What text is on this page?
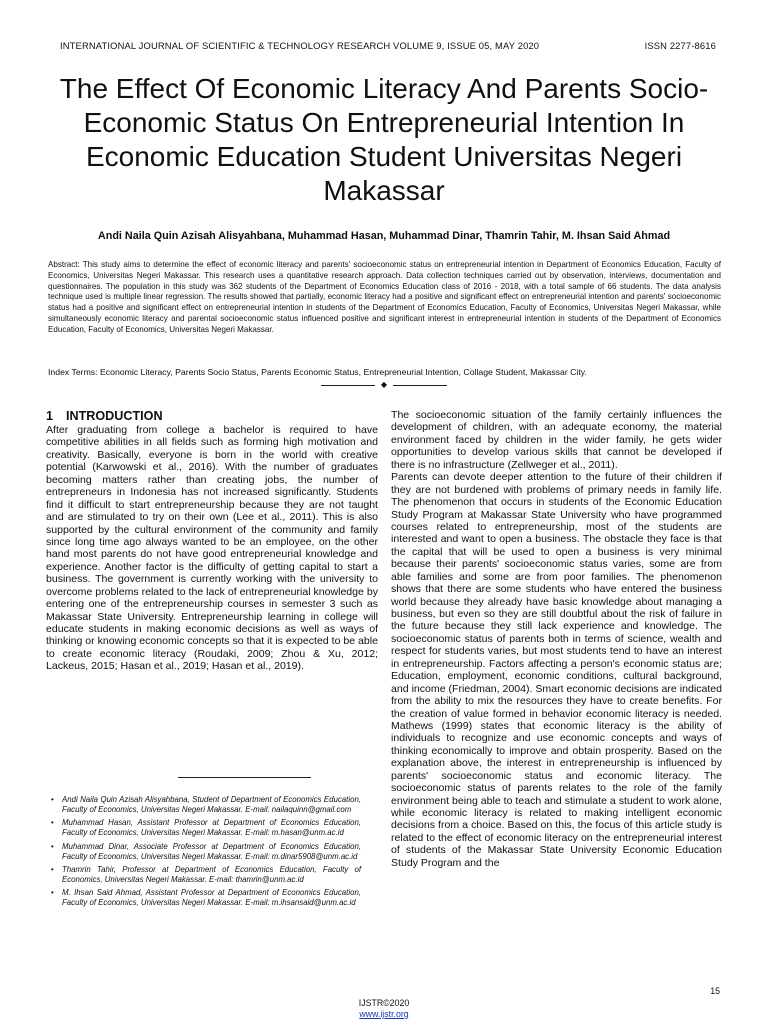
INTERNATIONAL JOURNAL OF SCIENTIFIC & TECHNOLOGY RESEARCH VOLUME 9, ISSUE 05, MAY 2020	ISSN 2277-8616
The Effect Of Economic Literacy And Parents Socio-Economic Status On Entrepreneurial Intention In Economic Education Student Universitas Negeri Makassar
Andi Naila Quin Azisah Alisyahbana, Muhammad Hasan, Muhammad Dinar, Thamrin Tahir, M. Ihsan Said Ahmad
Abstract: This study aims to determine the effect of economic literacy and parents' socioeconomic status on entrepreneurial intention in Department of Economics Education, Faculty of Economics, Universitas Negeri Makassar. This research uses a quantitative research approach. Data collection techniques carried out by observation, interviews, documentation and questionnaires. The population in this study was 362 students of the Department of Economics Education class of 2016 - 2018, with a total sample of 66 students. The data analysis technique used is multiple linear regression. The results showed that partially, economic literacy had a positive and significant effect on entrepreneurial intention and parents' socioeconomic status had a positive and significant effect on entrepreneurial intention in students of the Department of Economics Education, Faculty of Economics, Universitas Negeri Makassar, while simultaneously economic literacy and parental socioeconomic status influenced positive and significant interest in entrepreneurial intention in students of the Department of Economics Education, Faculty of Economics, Universitas Negeri Makassar.
Index Terms: Economic Literacy, Parents Socio Status, Parents Economic Status, Entrepreneurial Intention, Collage Student, Makassar City.
◆
1 INTRODUCTION

After graduating from college a bachelor is required to have competitive abilities in all fields such as forming high motivation and creativity. Basically, everyone is born in the world with creative potential (Karwowski et al., 2016). With the number of graduates becoming matters rather than creating jobs, the number of entrepreneurs in Indonesia has not increased significantly. Students find it difficult to start entrepreneurship because they are not taught and are stimulated to try on their own (Lee et al., 2011). This is also supported by the cultural environment of the community and family since long time ago always wanted to be an employee, on the other hand most parents do not have good entrepreneurial knowledge and experience. Another factor is the difficulty of getting capital to start a business. The government is currently working with the university to overcome problems related to the lack of entrepreneurial knowledge by entering one of the entrepreneurship courses in semester 3 such as Makassar State University. Entrepreneurship learning in college will educate students in making economic decisions as well as ways of thinking or knowing economic concepts so that it is expected to be able to create economic literacy (Roudaki, 2009; Zhou & Xu, 2012; Lackeus, 2015; Hasan et al., 2019; Hasan et al., 2019).

The socioeconomic situation of the family certainly influences the development of children, with an adequate economy, the material environment faced by children in the wider family, he gets wider opportunities to develop various skills that cannot be developed if there is no infrastructure (Zellweger et al., 2011).

Parents can devote deeper attention to the future of their children if they are not burdened with problems of primary needs in family life. The phenomenon that occurs in students of the Economic Education Study Program at Makassar State University who have programmed courses related to entrepreneurship, most of the students are interested and want to open a business. The obstacle they face is that the capital that will be used to open a business is very minimal because their parents' socioeconomic status varies, some are from able families and some are from poor families. The phenomenon shows that there are some students who have entered the business world because they already have basic knowledge about managing a business, but even so they are still doubtful about the risk of failure in the future because they still lack experience and knowledge. The socioeconomic status of parents both in terms of science, wealth and respect for students varies, but most students tend to have an interest in entrepreneurship. Factors affecting a person's economic status are; Education, employment, economic conditions, cultural background, and income (Friedman, 2004). Smart economic decisions are indicated from the ability to mix the resources they have to create benefits. For the creation of value formed in behavior economic literacy is needed. Mathews (1999) states that economic literacy is the ability of individuals to recognize and use economic concepts and ways of thinking economically to improve and obtain prosperity. Based on the explanation above, the interest in entrepreneurship is influenced by parents' socioeconomic status and economic literacy. The socioeconomic status of parents relates to the role of the family environment being able to teach and stimulate a student to work alone, while economic literacy is related to making intelligent economic decisions from a choice. Based on this, the focus of this article study is related to the effect of economic literacy on the entrepreneurial interest of students of the Makassar State University Economic Education Study Program and the

• Andi Naila Quin Azisah Alisyahbana, Student of Department of Economics Education, Faculty of Economics, Universitas Negeri Makassar. E-mail: nailaquinn@gmail.com
• Muhammad Hasan, Assistant Professor at Department of Economics Education, Faculty of Economics, Universitas Negeri Makassar. E-mail: m.hasan@unm.ac.id
• Muhammad Dinar, Associate Professor at Department of Economics Education, Faculty of Economics, Universitas Negeri Makassar. E-mail: m.dinar5908@unm.ac.id
• Thamrin Tahir, Professor at Department of Economics Education, Faculty of Economics, Universitas Negeri Makassar. E-mail: thamrin@unm.ac.id
• M. Ihsan Said Ahmad, Assistant Professor at Department of Economics Education, Faculty of Economics, Universitas Negeri Makassar. E-mail: m.ihsansaid@unm.ac.id
15
IJSTR©2020
www.ijstr.org
